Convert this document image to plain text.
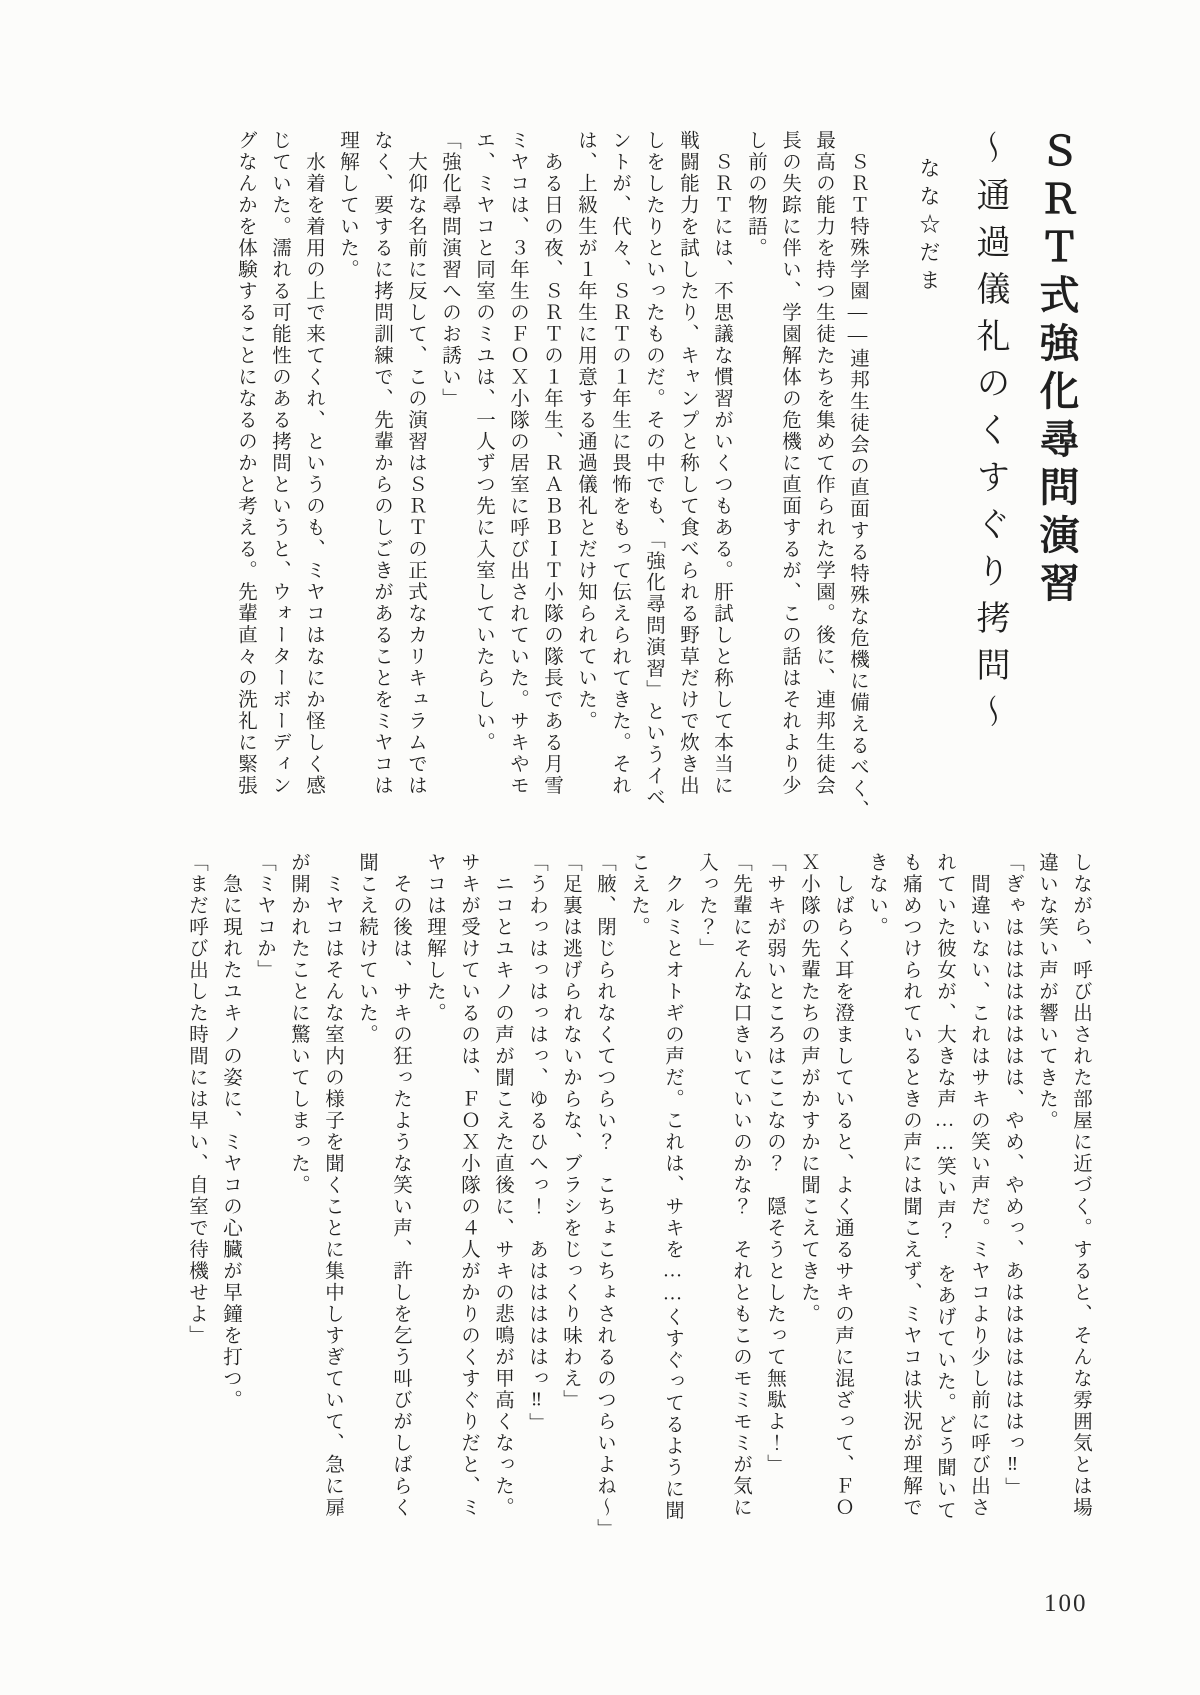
ＳＲＴ式強化尋問演習
～通過儀礼のくすぐり拷問～
なな☆だま

　ＳＲＴ特殊学園――連邦生徒会の直面する特殊な危機に備えるべく、

最高の能力を持つ生徒たちを集めて作られた学園。後に、連邦生徒会

長の失踪に伴い、学園解体の危機に直面するが、この話はそれより少

し前の物語。

　ＳＲＴには、不思議な慣習がいくつもある。肝試しと称して本当に

戦闘能力を試したり、キャンプと称して食べられる野草だけで炊き出

しをしたりといったものだ。その中でも、「強化尋問演習」というイベ

ントが、代々、ＳＲＴの１年生に畏怖をもって伝えられてきた。それ

は、上級生が１年生に用意する通過儀礼とだけ知られていた。

　ある日の夜、ＳＲＴの１年生、ＲＡＢＢＩＴ小隊の隊長である月雪

ミヤコは、３年生のＦＯＸ小隊の居室に呼び出されていた。サキやモ

エ、ミヤコと同室のミユは、一人ずつ先に入室していたらしい。

「強化尋問演習へのお誘い」

　大仰な名前に反して、この演習はＳＲＴの正式なカリキュラムでは

なく、要するに拷問訓練で、先輩からのしごきがあることをミヤコは

理解していた。

　水着を着用の上で来てくれ、というのも、ミヤコはなにか怪しく感

じていた。濡れる可能性のある拷問というと、ウォーターボーディン

グなんかを体験することになるのかと考える。先輩直々の洗礼に緊張

しながら、呼び出された部屋に近づく。すると、そんな雰囲気とは場

違いな笑い声が響いてきた。

「ぎゃはははははははは、やめ、やめっ、あはははははははっ‼」

　間違いない、これはサキの笑い声だ。ミヤコより少し前に呼び出さ

れていた彼女が、大きな声……笑い声？　をあげていた。どう聞いて

も痛めつけられているときの声には聞こえず、ミヤコは状況が理解で

きない。

　しばらく耳を澄ましていると、よく通るサキの声に混ざって、ＦＯ

Ｘ小隊の先輩たちの声がかすかに聞こえてきた。

「サキが弱いところはここなの？　隠そうとしたって無駄よ！」

「先輩にそんな口きいていいのかな？　それともこのモミモミが気に

入った？」

　クルミとオトギの声だ。これは、サキを……くすぐってるように聞

こえた。

「腋、閉じられなくてつらい？　こちょこちょされるのつらいよね～」

「足裏は逃げられないからな、ブラシをじっくり味わえ」

「うわっはっはっはっ、ゆるひへっ！　あはははははっ‼」

　ニコとユキノの声が聞こえた直後に、サキの悲鳴が甲高くなった。

サキが受けているのは、ＦＯＸ小隊の４人がかりのくすぐりだと、ミ

ヤコは理解した。

　その後は、サキの狂ったような笑い声、許しを乞う叫びがしばらく

聞こえ続けていた。

　ミヤコはそんな室内の様子を聞くことに集中しすぎていて、急に扉

が開かれたことに驚いてしまった。

「ミヤコか」

　急に現れたユキノの姿に、ミヤコの心臓が早鐘を打つ。

「まだ呼び出した時間には早い、自室で待機せよ」

100
